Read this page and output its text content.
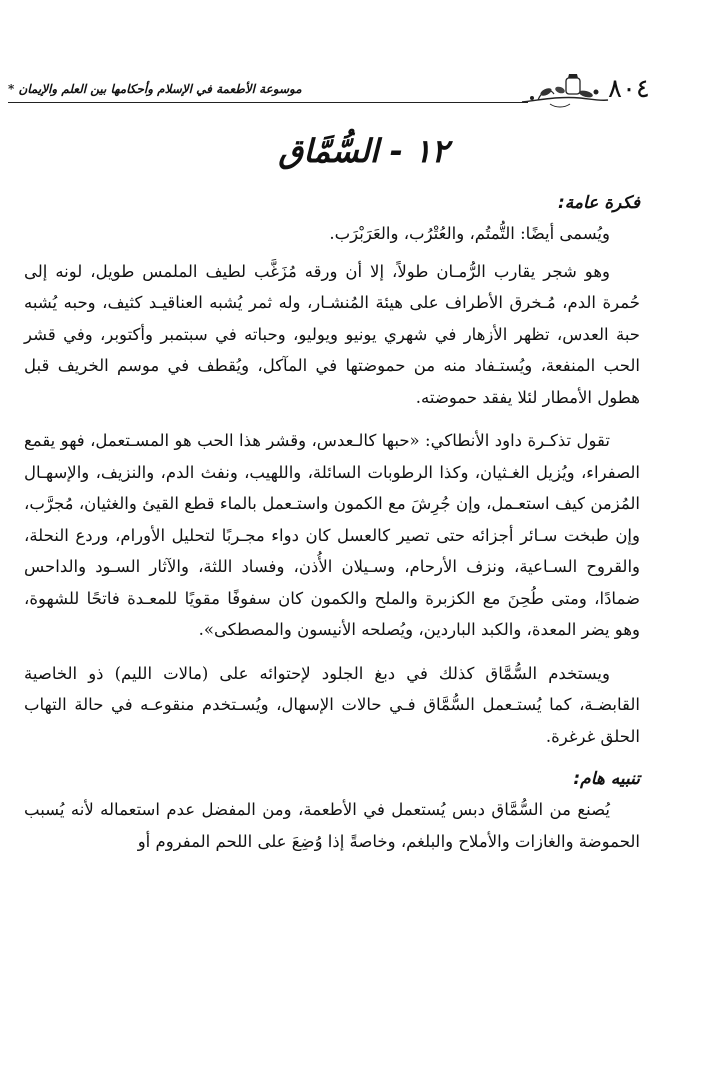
* موسوعة الأطعمة في الإسلام وأحكامها بين العلم والإيمان	٨٠٤
١٢ - السُّمَّاق

فكرة عامة:

ويُسمى أيضًا: التُّمتُم، والعُتْرُب، والعَرَبْرَب.

وهو شجر يقارب الرُّمـان طولاً، إلا أن ورقه مُزَغَّب لطيف الملمس طويل، لونه إلى حُمرة الدم، مُـخرق الأطراف على هيئة المُنشـار، وله ثمر يُشبه العناقيـد كثيف، وحبه يُشبه حبة العدس، تظهر الأزهار في شهري يونيو ويوليو، وحباته في سبتمبر وأكتوبر، وفي قشر الحب المنفعة، ويُستـفاد منه من حموضتها في المآكل، ويُقطف في موسم الخريف قبل هطول الأمطار لئلا يفقد حموضته.

تقول تذكـرة داود الأنطاكي: «حبها كالـعدس، وقشر هذا الحب هو المسـتعمل، فهو يقمع الصفراء، ويُزيل الغـثيان، وكذا الرطوبات السائلة، واللهيب، ونفث الدم، والنزيف، والإسهـال المُزمن كيف استعـمل، وإن جُرِشَ مع الكمون واستـعمل بالماء قطع القيئ والغثيان، مُجرَّب، وإن طبخت سـائر أجزائه حتى تصير كالعسل كان دواء مجـربًا لتحليل الأورام، وردع النحلة، والقروح السـاعية، ونزف الأرحام، وسـيلان الأُذن، وفساد اللثة، والآثار السـود والداحس ضمادًا، ومتى طُحِنَ مع الكزبرة والملح والكمون كان سفوفًا مقويًا للمعـدة فاتحًا للشهوة، وهو يضر المعدة، والكبد الباردين، ويُصلحه الأنيسون والمصطكى».

ويستخدم السُّمَّاق كذلك في دبغ الجلود لإحتوائه على (مالات الليم) ذو الخاصية القابضـة، كما يُستـعمل السُّمَّاق فـي حالات الإسهال، ويُسـتخدم منقوعـه في حالة التهاب الحلق غرغرة.

تنبيه هام:

يُصنع من السُّمَّاق دبس يُستعمل في الأطعمة، ومن المفضل عدم استعماله لأنه يُسبب الحموضة والغازات والأملاح والبلغم، وخاصةً إذا وُضِعَ على اللحم المفروم أو
